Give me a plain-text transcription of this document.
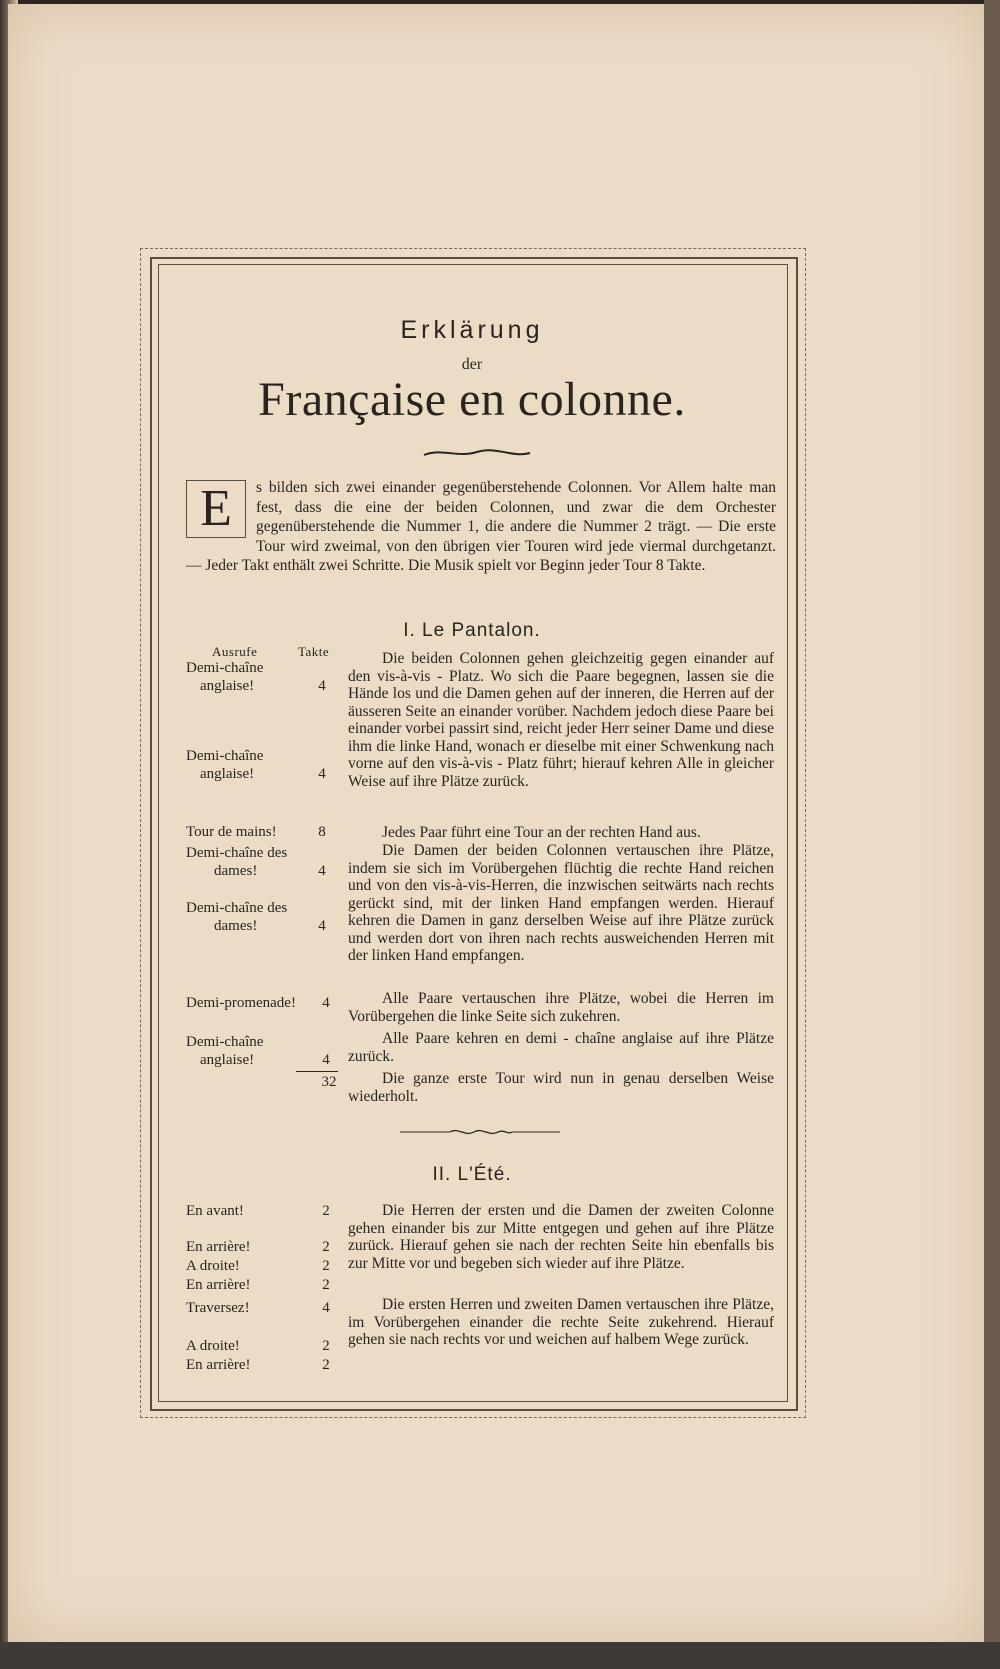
Erklärung
der
Française en colonne.
E	s bilden sich zwei einander gegenüberstehende Colonnen. Vor Allem halte man fest, dass die eine der beiden Colonnen, und zwar die dem Orchester gegenüberstehende die Nummer 1, die andere die Nummer 2 trägt. — Die erste Tour wird zweimal, von den übrigen vier Touren wird jede viermal durchgetanzt. — Jeder Takt enthält zwei Schritte. Die Musik spielt vor Beginn jeder Tour 8 Takte.
I. Le Pantalon.
Ausrufe	Takte
Demi-chaîne
anglaise!	4
Demi-chaîne
anglaise!	4
Tour de mains!	8
Demi-chaîne des
dames!	4
Demi-chaîne des
dames!	4
Demi-promenade!	4
Demi-chaîne
anglaise!	4
32
Die beiden Colonnen gehen gleichzeitig gegen einander auf den vis-à-vis - Platz. Wo sich die Paare begegnen, lassen sie die Hände los und die Damen gehen auf der inneren, die Herren auf der äusseren Seite an einander vorüber. Nachdem jedoch diese Paare bei einander vorbei passirt sind, reicht jeder Herr seiner Dame und diese ihm die linke Hand, wonach er dieselbe mit einer Schwenkung nach vorne auf den vis-à-vis - Platz führt; hierauf kehren Alle in gleicher Weise auf ihre Plätze zurück.
Jedes Paar führt eine Tour an der rechten Hand aus.
Die Damen der beiden Colonnen vertauschen ihre Plätze, indem sie sich im Vorübergehen flüchtig die rechte Hand reichen und von den vis-à-vis-Herren, die inzwischen seitwärts nach rechts gerückt sind, mit der linken Hand empfangen werden. Hierauf kehren die Damen in ganz derselben Weise auf ihre Plätze zurück und werden dort von ihren nach rechts ausweichenden Herren mit der linken Hand empfangen.
Alle Paare vertauschen ihre Plätze, wobei die Herren im Vorübergehen die linke Seite sich zukehren.
Alle Paare kehren en demi - chaîne anglaise auf ihre Plätze zurück.
Die ganze erste Tour wird nun in genau derselben Weise wiederholt.
II. L'Été.
En avant!	2
En arrière!	2
A droite!	2
En arrière!	2
Traversez!	4
A droite!	2
En arrière!	2
Die Herren der ersten und die Damen der zweiten Colonne gehen einander bis zur Mitte entgegen und gehen auf ihre Plätze zurück. Hierauf gehen sie nach der rechten Seite hin ebenfalls bis zur Mitte vor und begeben sich wieder auf ihre Plätze.
Die ersten Herren und zweiten Damen vertauschen ihre Plätze, im Vorübergehen einander die rechte Seite zukehrend. Hierauf gehen sie nach rechts vor und weichen auf halbem Wege zurück.
